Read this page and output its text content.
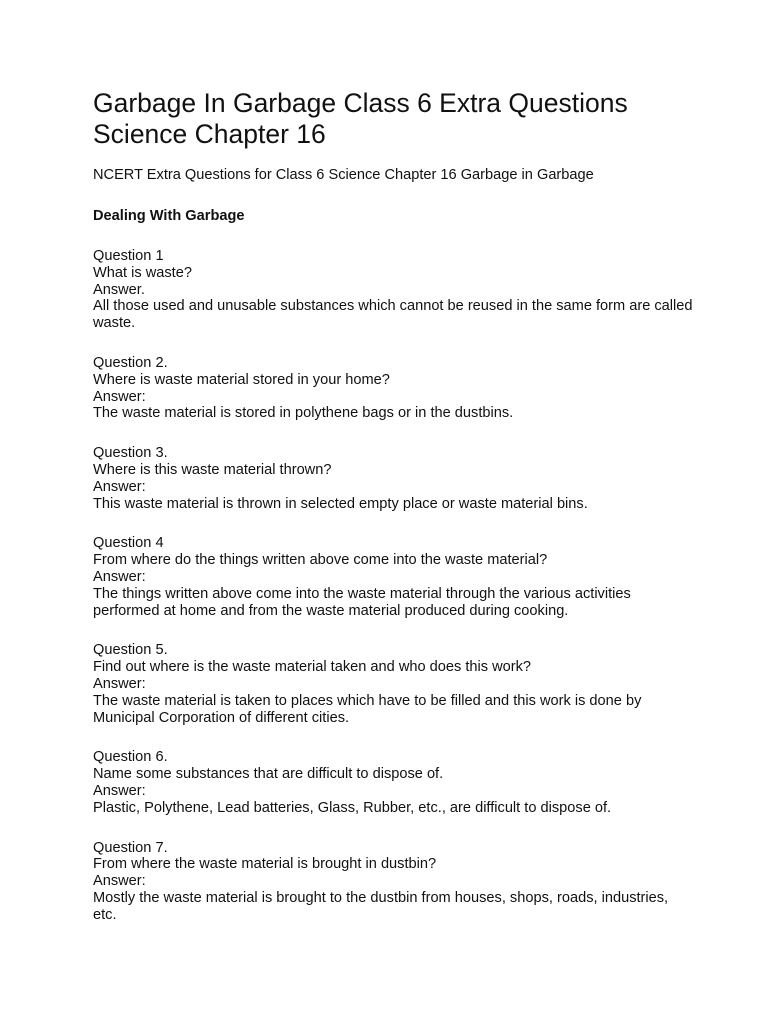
Garbage In Garbage Class 6 Extra Questions Science Chapter 16

NCERT Extra Questions for Class 6 Science Chapter 16 Garbage in Garbage

Dealing With Garbage

Question 1

What is waste?

Answer.

All those used and unusable substances which cannot be reused in the same form are called waste.

Question 2.

Where is waste material stored in your home?

Answer:

The waste material is stored in polythene bags or in the dustbins.

Question 3.

Where is this waste material thrown?

Answer:

This waste material is thrown in selected empty place or waste material bins.

Question 4

From where do the things written above come into the waste material?

Answer:

The things written above come into the waste material through the various activities performed at home and from the waste material produced during cooking.

Question 5.

Find out where is the waste material taken and who does this work?

Answer:

The waste material is taken to places which have to be filled and this work is done by Municipal Corporation of different cities.

Question 6.

Name some substances that are difficult to dispose of.

Answer:

Plastic, Polythene, Lead batteries, Glass, Rubber, etc., are difficult to dispose of.

Question 7.

From where the waste material is brought in dustbin?

Answer:

Mostly the waste material is brought to the dustbin from houses, shops, roads, industries, etc.
